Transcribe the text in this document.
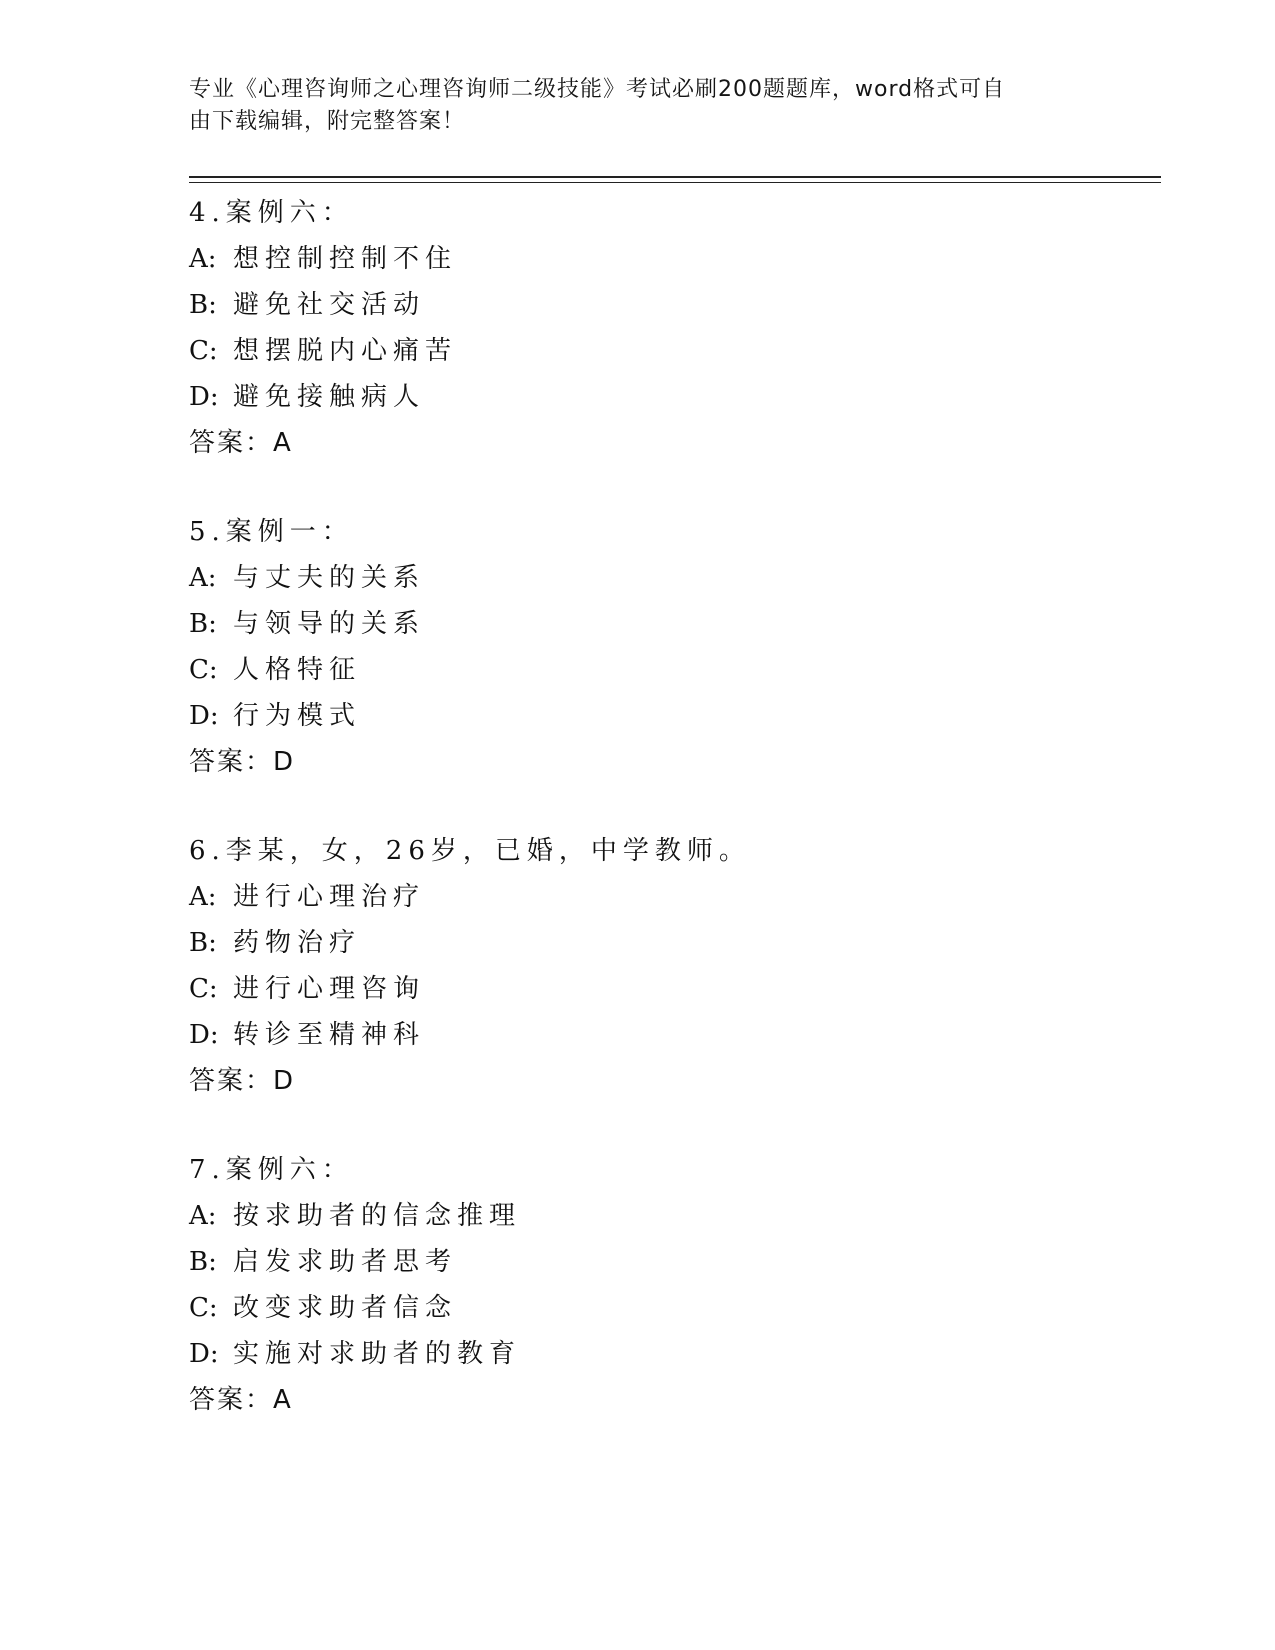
专业《心理咨询师之心理咨询师二级技能》考试必刷200题题库，word格式可自
由下载编辑，附完整答案！
4.案例六：
A: 想控制控制不住
B: 避免社交活动
C: 想摆脱内心痛苦
D: 避免接触病人
答案：A
5.案例一：
A: 与丈夫的关系
B: 与领导的关系
C: 人格特征
D: 行为模式
答案：D
6.李某，女，26岁，已婚，中学教师。
A: 进行心理治疗
B: 药物治疗
C: 进行心理咨询
D: 转诊至精神科
答案：D
7.案例六：
A: 按求助者的信念推理
B: 启发求助者思考
C: 改变求助者信念
D: 实施对求助者的教育
答案：A
